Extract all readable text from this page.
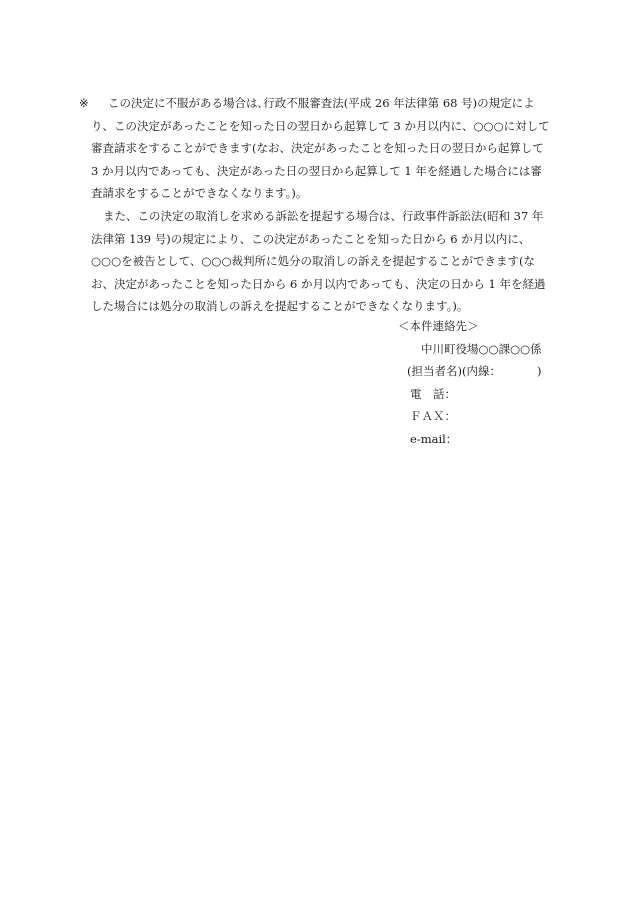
※	この決定に不服がある場合は､行政不服審査法(平成 26 年法律第 68 号)の規定により、この決定があったことを知った日の翌日から起算して 3 か月以内に、○○○に対して審査請求をすることができます(なお、決定があったことを知った日の翌日から起算して 3 か月以内であっても、決定があった日の翌日から起算して 1 年を経過した場合には審査請求をすることができなくなります。)。

また、この決定の取消しを求める訴訟を提起する場合は、行政事件訴訟法(昭和 37 年法律第 139 号)の規定により、この決定があったことを知った日から 6 か月以内に、○○○を被告として、○○○裁判所に処分の取消しの訴えを提起することができます(なお、決定があったことを知った日から 6 か月以内であっても、決定の日から 1 年を経過した場合には処分の取消しの訴えを提起することができなくなります。)。

＜本件連絡先＞
中川町役場○○課○○係
(担当者名)(内線：	)
電　話：
ＦＡＸ：
e-mail：
